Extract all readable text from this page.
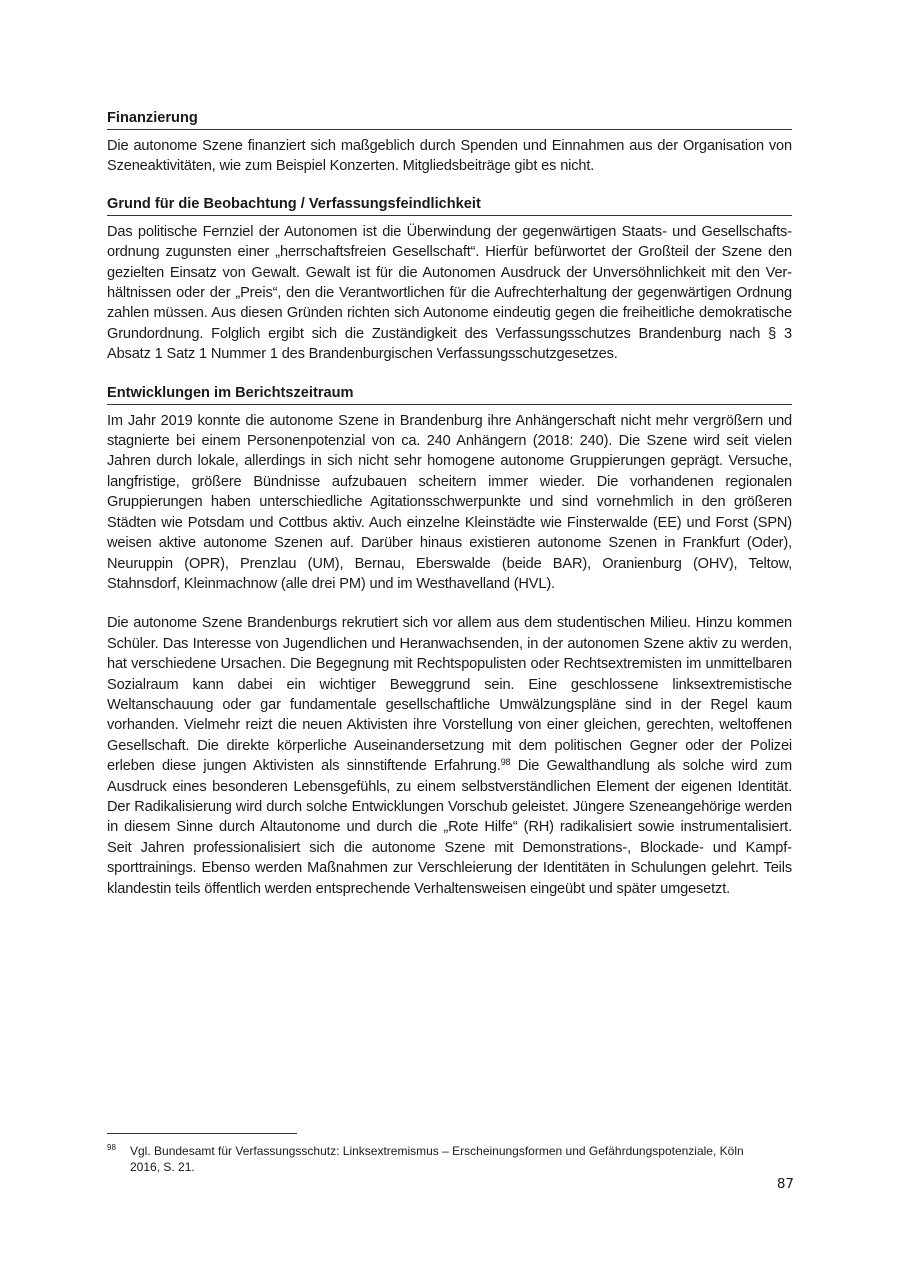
Finanzierung

Die autonome Szene finanziert sich maßgeblich durch Spenden und Einnahmen aus der Organisation von Szeneaktivitäten, wie zum Beispiel Konzerten. Mitgliedsbeiträge gibt es nicht.

Grund für die Beobachtung / Verfassungsfeindlichkeit

Das politische Fernziel der Autonomen ist die Überwindung der gegenwärtigen Staats- und Gesellschaftsordnung zugunsten einer „herrschaftsfreien Gesellschaft“. Hierfür befürwortet der Großteil der Szene den gezielten Einsatz von Gewalt. Gewalt ist für die Autonomen Ausdruck der Unversöhnlichkeit mit den Verhältnissen oder der „Preis“, den die Verantwortlichen für die Aufrechterhaltung der gegenwärtigen Ordnung zahlen müssen. Aus diesen Gründen richten sich Autonome eindeutig gegen die freiheitliche demokratische Grundordnung. Folglich ergibt sich die Zuständigkeit des Verfassungsschutzes Brandenburg nach § 3 Absatz 1 Satz 1 Nummer 1 des Brandenburgischen Verfassungsschutzgesetzes.

Entwicklungen im Berichtszeitraum

Im Jahr 2019 konnte die autonome Szene in Brandenburg ihre Anhängerschaft nicht mehr vergrößern und stagnierte bei einem Personenpotenzial von ca. 240 Anhängern (2018: 240). Die Szene wird seit vielen Jahren durch lokale, allerdings in sich nicht sehr homogene autonome Gruppierungen geprägt. Versuche, langfristige, größere Bündnisse aufzubauen scheitern immer wieder. Die vorhandenen regionalen Gruppierungen haben unterschiedliche Agitationsschwerpunkte und sind vornehmlich in den größeren Städten wie Potsdam und Cottbus aktiv. Auch einzelne Kleinstädte wie Finsterwalde (EE) und Forst (SPN) weisen aktive autonome Szenen auf. Darüber hinaus existieren autonome Szenen in Frankfurt (Oder), Neuruppin (OPR), Prenzlau (UM), Bernau, Eberswalde (beide BAR), Oranienburg (OHV), Teltow, Stahnsdorf, Kleinmachnow (alle drei PM) und im Westhavelland (HVL).

Die autonome Szene Brandenburgs rekrutiert sich vor allem aus dem studentischen Milieu. Hinzu kommen Schüler. Das Interesse von Jugendlichen und Heranwachsenden, in der autonomen Szene aktiv zu werden, hat verschiedene Ursachen. Die Begegnung mit Rechtspopulisten oder Rechtsextremisten im unmittelbaren Sozialraum kann dabei ein wichtiger Beweggrund sein. Eine geschlossene linksextremistische Weltanschauung oder gar fundamentale gesellschaftliche Umwälzungspläne sind in der Regel kaum vorhanden. Vielmehr reizt die neuen Aktivisten ihre Vorstellung von einer gleichen, gerechten, weltoffenen Gesellschaft. Die direkte körperliche Auseinandersetzung mit dem politischen Gegner oder der Polizei erleben diese jungen Aktivisten als sinnstiftende Erfahrung.$^{98}$ Die Gewalthandlung als solche wird zum Ausdruck eines besonderen Lebensgefühls, zu einem selbstverständlichen Element der eigenen Identität. Der Radikalisierung wird durch solche Entwicklungen Vorschub geleistet. Jüngere Szeneangehörige werden in diesem Sinne durch Altautonome und durch die „Rote Hilfe“ (RH) radikalisiert sowie instrumentalisiert. Seit Jahren professionalisiert sich die autonome Szene mit Demonstrations-, Blockade- und Kampfsporttrainings. Ebenso werden Maßnahmen zur Verschleierung der Identitäten in Schulungen gelehrt. Teils klandestin teils öffentlich werden entsprechende Verhaltensweisen eingeübt und später umgesetzt.

98 Vgl. Bundesamt für Verfassungsschutz: Linksextremismus – Erscheinungsformen und Gefährdungspotenziale, Köln 2016, S. 21.
87
